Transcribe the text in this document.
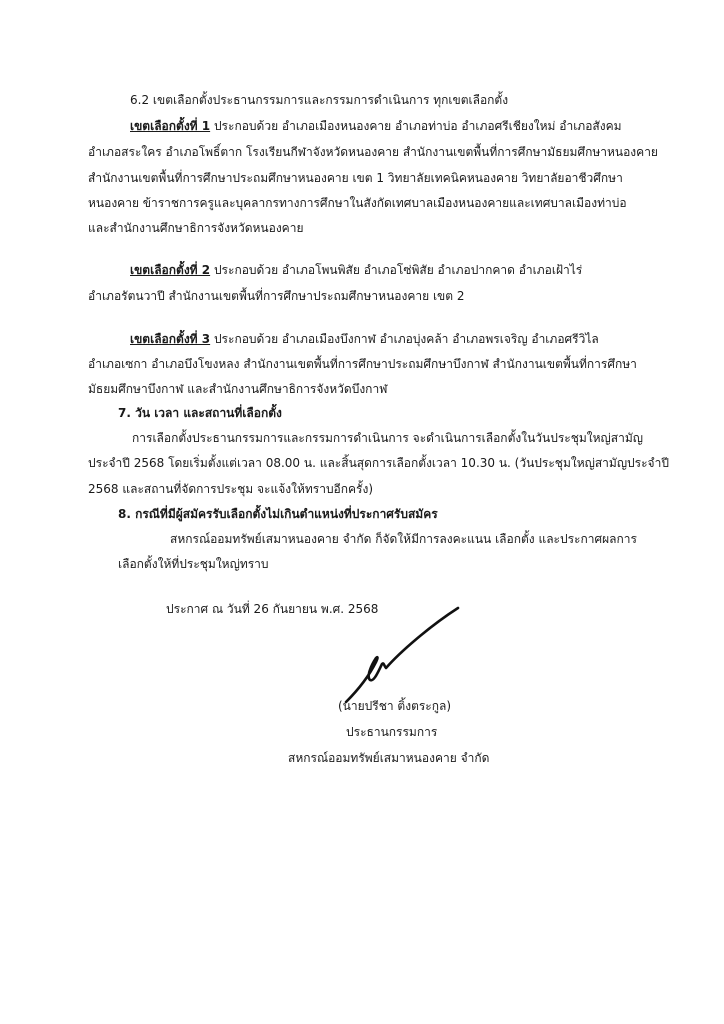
6.2 เขตเลือกตั้งประธานกรรมการและกรรมการดำเนินการ ทุกเขตเลือกตั้ง
เขตเลือกตั้งที่ 1 ประกอบด้วย อำเภอเมืองหนองคาย อำเภอท่าบ่อ อำเภอศรีเชียงใหม่ อำเภอสังคม
อำเภอสระใคร อำเภอโพธิ์ตาก โรงเรียนกีฬาจังหวัดหนองคาย สำนักงานเขตพื้นที่การศึกษามัธยมศึกษาหนองคาย
สำนักงานเขตพื้นที่การศึกษาประถมศึกษาหนองคาย เขต 1 วิทยาลัยเทคนิคหนองคาย วิทยาลัยอาชีวศึกษา
หนองคาย ข้าราชการครูและบุคลากรทางการศึกษาในสังกัดเทศบาลเมืองหนองคายและเทศบาลเมืองท่าบ่อ
และสำนักงานศึกษาธิการจังหวัดหนองคาย
เขตเลือกตั้งที่ 2 ประกอบด้วย อำเภอโพนพิสัย อำเภอโซ่พิสัย อำเภอปากคาด อำเภอเฝ้าไร่
อำเภอรัตนวาปี สำนักงานเขตพื้นที่การศึกษาประถมศึกษาหนองคาย เขต 2
เขตเลือกตั้งที่ 3 ประกอบด้วย อำเภอเมืองบึงกาฬ อำเภอบุ่งคล้า อำเภอพรเจริญ อำเภอศรีวิไล
อำเภอเซกา อำเภอบึงโขงหลง สำนักงานเขตพื้นที่การศึกษาประถมศึกษาบึงกาฬ สำนักงานเขตพื้นที่การศึกษา
มัธยมศึกษาบึงกาฬ และสำนักงานศึกษาธิการจังหวัดบึงกาฬ
7. วัน เวลา และสถานที่เลือกตั้ง
การเลือกตั้งประธานกรรมการและกรรมการดำเนินการ จะดำเนินการเลือกตั้งในวันประชุมใหญ่สามัญ
ประจำปี 2568 โดยเริ่มตั้งแต่เวลา 08.00 น. และสิ้นสุดการเลือกตั้งเวลา 10.30 น. (วันประชุมใหญ่สามัญประจำปี
2568 และสถานที่จัดการประชุม จะแจ้งให้ทราบอีกครั้ง)
8. กรณีที่มีผู้สมัครรับเลือกตั้งไม่เกินตำแหน่งที่ประกาศรับสมัคร
สหกรณ์ออมทรัพย์เสมาหนองคาย จำกัด ก็จัดให้มีการลงคะแนน เลือกตั้ง และประกาศผลการ
เลือกตั้งให้ที่ประชุมใหญ่ทราบ
ประกาศ ณ วันที่ 26 กันยายน พ.ศ. 2568
(นายปรีชา ติ้งตระกูล)
ประธานกรรมการ
สหกรณ์ออมทรัพย์เสมาหนองคาย จำกัด
